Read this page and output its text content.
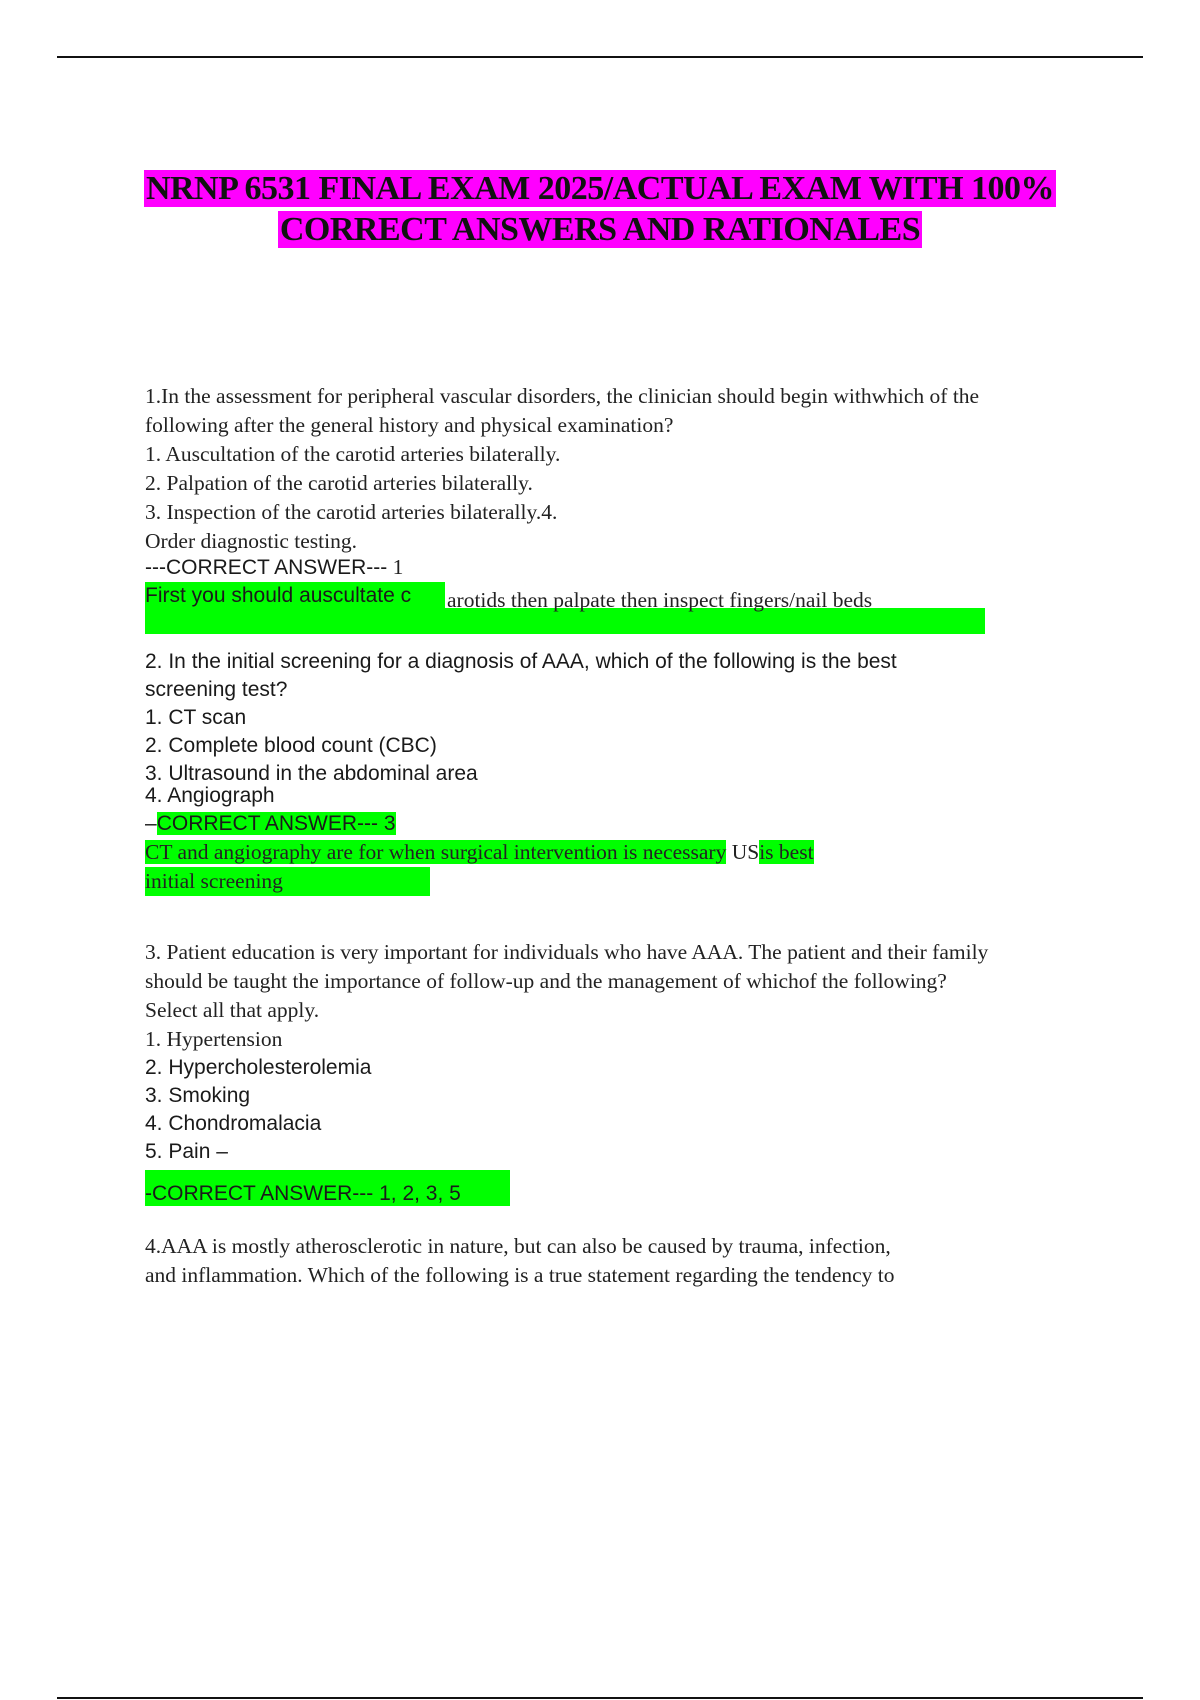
NRNP 6531 FINAL EXAM 2025/ACTUAL EXAM WITH 100%
CORRECT ANSWERS AND RATIONALES
1.In the assessment for peripheral vascular disorders, the clinician should begin withwhich of the
following after the general history and physical examination?
1. Auscultation of the carotid arteries bilaterally.
2. Palpation of the carotid arteries bilaterally.
3. Inspection of the carotid arteries bilaterally.4.
Order diagnostic testing.
---CORRECT ANSWER--- 1
First you should auscultate c arotids then palpate then inspect fingers/nail beds
2. In the initial screening for a diagnosis of AAA, which of the following is the best
screening test?
1. CT scan
2. Complete blood count (CBC)
3. Ultrasound in the abdominal area
4. Angiograph
–CORRECT ANSWER--- 3
CT and angiography are for when surgical intervention is necessary USis best
initial screening
3. Patient education is very important for individuals who have AAA. The patient and their family
should be taught the importance of follow-up and the management of whichof the following?
Select all that apply.
1. Hypertension
2. Hypercholesterolemia
3. Smoking
4. Chondromalacia
5. Pain –
-CORRECT ANSWER--- 1, 2, 3, 5
4.AAA is mostly atherosclerotic in nature, but can also be caused by trauma, infection,
and inflammation. Which of the following is a true statement regarding the tendency to
